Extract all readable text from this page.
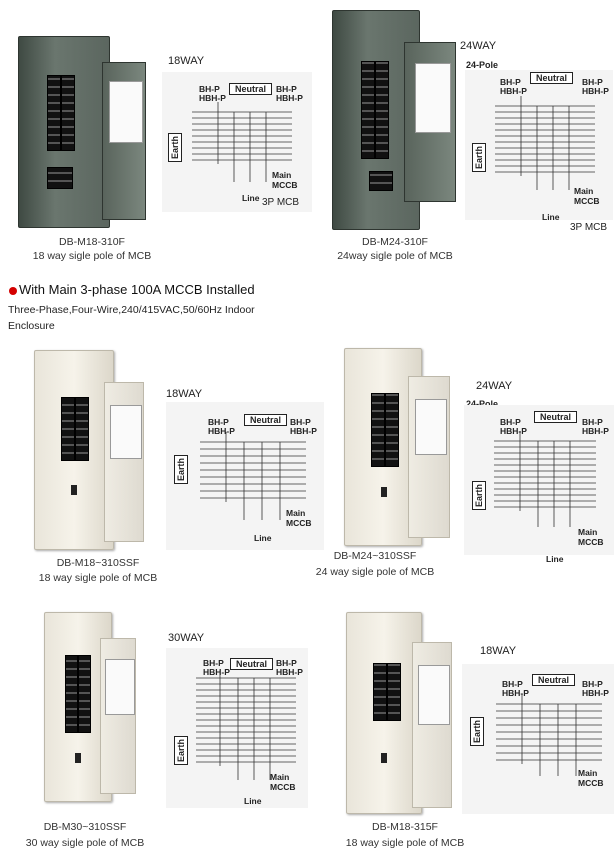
18WAY
18-Pole	Neutral
BH-P
HBH-P
BH-P
HBH-P
Earth
Main
MCCB
Line 3P MCB
DB-M18-310F
18 way sigle pole of MCB
24WAY
24-Pole
Neutral
BH-P
HBH-P
BH-P
HBH-P
Earth
Main
MCCB
Line
3P MCB
DB-M24-310F
24way sigle pole of MCB
With Main 3-phase 100A MCCB Installed
Three-Phase,Four-Wire,240/415VAC,50/60Hz Indoor
Enclosure
18WAY
18-Pole	Neutral
BH-P
HBH-P
BH-P
HBH-P
Earth
Main
MCCB
Line
DB-M18~310SSF
18 way sigle pole of MCB
24WAY
24-Pole
Neutral
BH-P
HBH-P
BH-P
HBH-P
Earth
Main
MCCB
Line
DB-M24~310SSF
24 way sigle pole of MCB
30WAY
30-Pole	Neutral
BH-P
HBH-P
BH-P
HBH-P
Earth
Main
MCCB
Line
DB-M30~310SSF
30 way sigle pole of MCB
18WAY
18-Pole	Neutral
BH-P
HBH-P
BH-P
HBH-P
Earth
Main
MCCB
DB-M18-315F
18 way sigle pole of MCB
